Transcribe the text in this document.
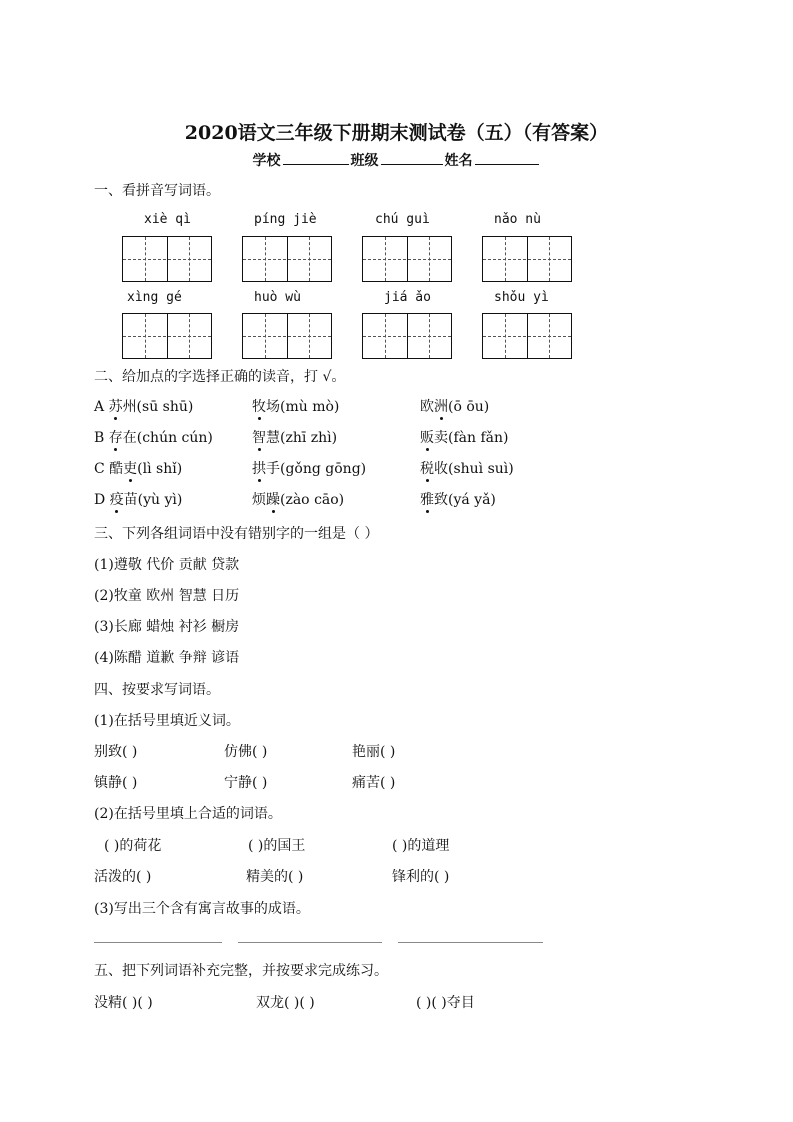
2020语文三年级下册期末测试卷（五）（有答案）
学校	班级	姓名
一、看拼音写词语。
xiè qì	píng jiè	chú guì	nǎo nù
xìng gé	huò wù	jiá ǎo	shǒu yì
二、给加点的字选择正确的读音，打 √。
A 苏州(sū shū)	牧场(mù mò)	欧洲(ō ōu)
B 存在(chún cún)	智慧(zhī zhì)	贩卖(fàn fǎn)
C 酷吏(lì shǐ)	拱手(gǒng gōng)	税收(shuì suì)
D 疫苗(yù yì)	烦躁(zào cāo)	雅致(yá yǎ)
三、下列各组词语中没有错别字的一组是（ ）
(1)遵敬 代价 贡献 贷款
(2)牧童 欧州 智慧 日历
(3)长廊 蜡烛 衬衫 橱房
(4)陈醋 道歉 争辩 谚语
四、按要求写词语。
(1)在括号里填近义词。
别致( )	仿佛( )	艳丽( )
镇静( )	宁静( )	痛苦( )
(2)在括号里填上合适的词语。
( )的荷花	( )的国王	( )的道理
活泼的( )	精美的( )	锋利的( )
(3)写出三个含有寓言故事的成语。
五、把下列词语补充完整，并按要求完成练习。
没精( )( )	双龙( )( )	( )( )夺目
